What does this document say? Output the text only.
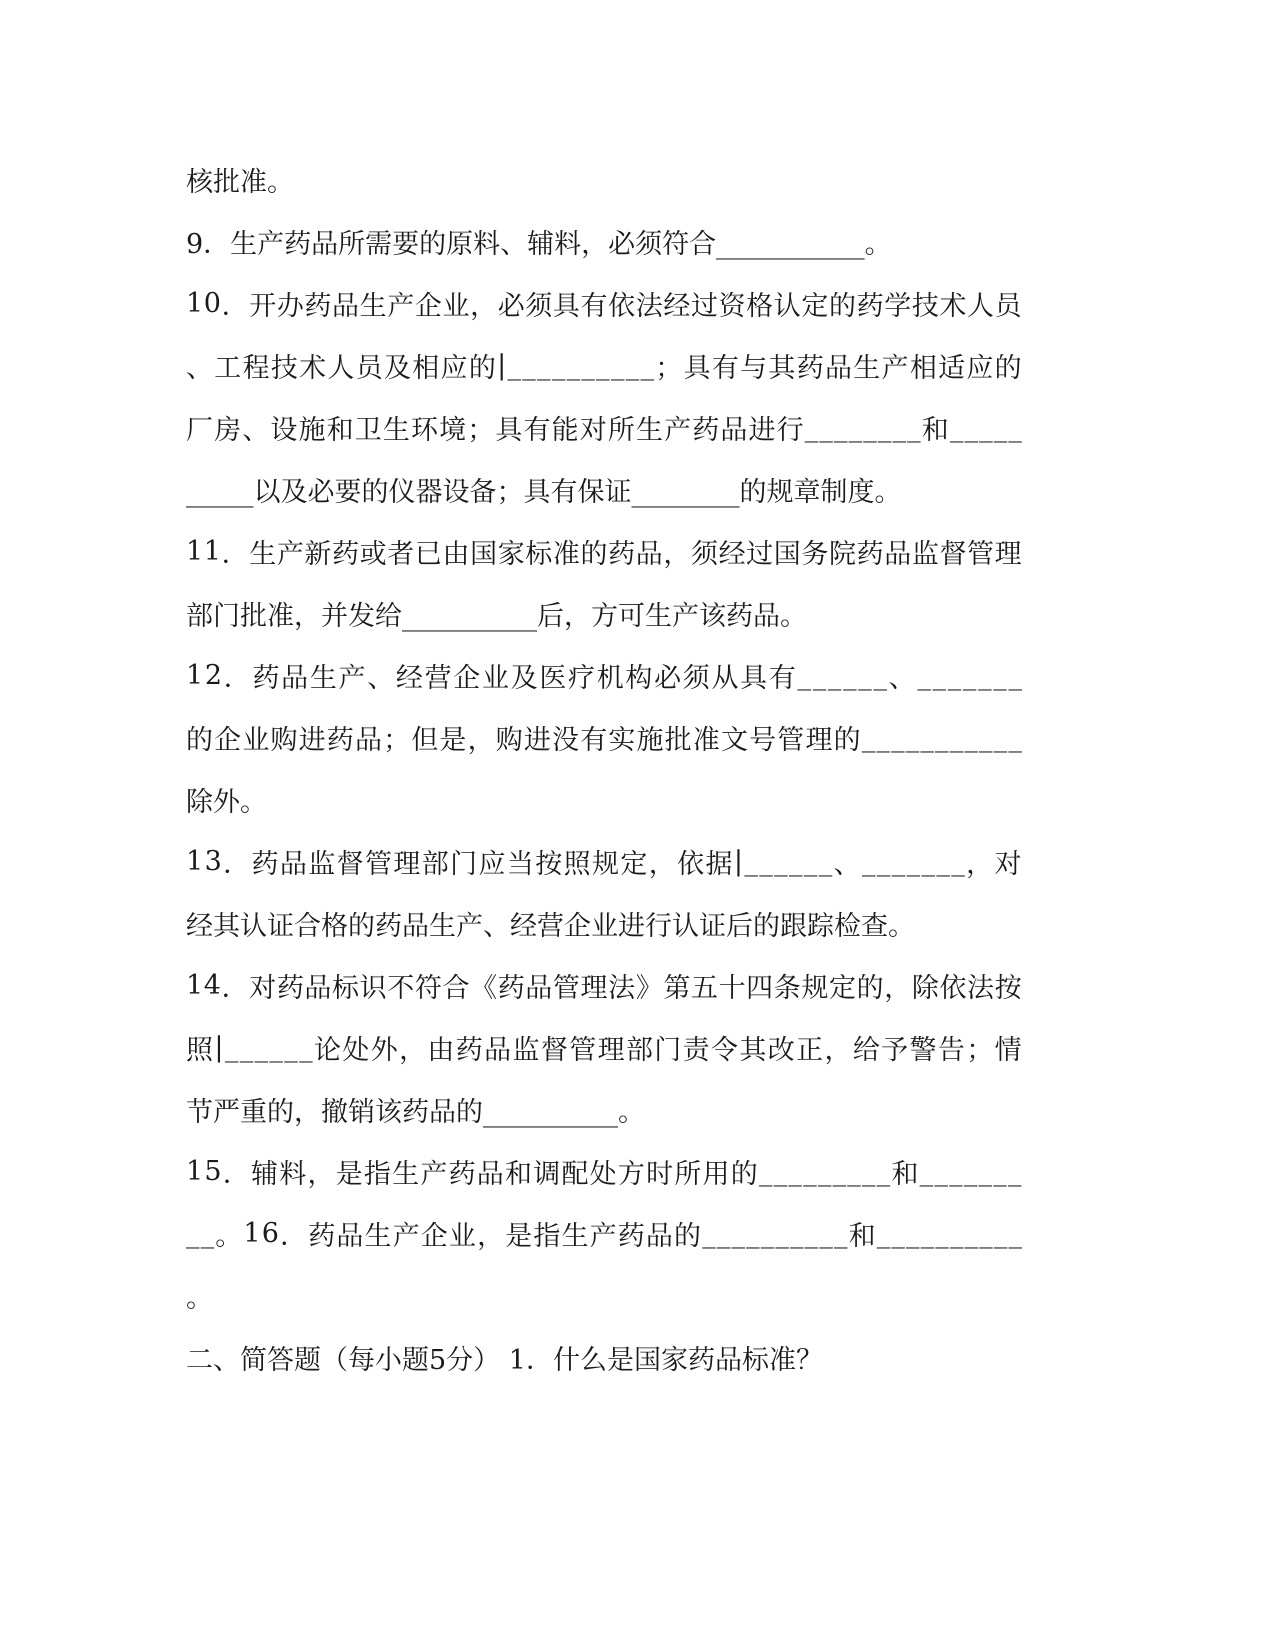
核批准。
9．生产药品所需要的原料、辅料，必须符合___________。
1 0 ． 开 办 药 品 生 产 企 业 ， 必 须 具 有 依 法 经 过 资 格 认 定 的 药 学 技 术 人 员
、 工 程 技 术 人 员 及 相 应 的 | _ _ _ _ _ _ _ _ _ _ ； 具 有 与 其 药 品 生 产 相 适 应 的
厂 房 、 设 施 和 卫 生 环 境 ； 具 有 能 对 所 生 产 药 品 进 行 _ _ _ _ _ _ _ _ 和 _ _ _ _ _
_____以及必要的仪器设备；具有保证________的规章制度。
1 1 ． 生 产 新 药 或 者 已 由 国 家 标 准 的 药 品 ， 须 经 过 国 务 院 药 品 监 督 管 理
部门批准，并发给__________后，方可生产该药品。
1 2 ． 药 品 生 产 、 经 营 企 业 及 医 疗 机 构 必 须 从 具 有 _ _ _ _ _ _ 、 _ _ _ _ _ _ _
的 企 业 购 进 药 品 ； 但 是 ， 购 进 没 有 实 施 批 准 文 号 管 理 的 _ _ _ _ _ _ _ _ _ _ _
除外。
1 3 ． 药 品 监 督 管 理 部 门 应 当 按 照 规 定 ， 依 据 | _ _ _ _ _ _ 、 _ _ _ _ _ _ _ ， 对
经其认证合格的药品生产、经营企业进行认证后的跟踪检查。
1 4 ． 对 药 品 标 识 不 符 合 《 药 品 管 理 法 》 第 五 十 四 条 规 定 的 ， 除 依 法 按
照 | _ _ _ _ _ _ 论 处 外 ， 由 药 品 监 督 管 理 部 门 责 令 其 改 正 ， 给 予 警 告 ； 情
节严重的，撤销该药品的__________。
1 5 ． 辅 料 ， 是 指 生 产 药 品 和 调 配 处 方 时 所 用 的 _ _ _ _ _ _ _ _ _ 和 _ _ _ _ _ _ _
_ _ 。 1 6 ． 药 品 生 产 企 业 ， 是 指 生 产 药 品 的 _ _ _ _ _ _ _ _ _ _ 和 _ _ _ _ _ _ _ _ _ _
。
二、简答题（每小题5分） 1．什么是国家药品标准？
